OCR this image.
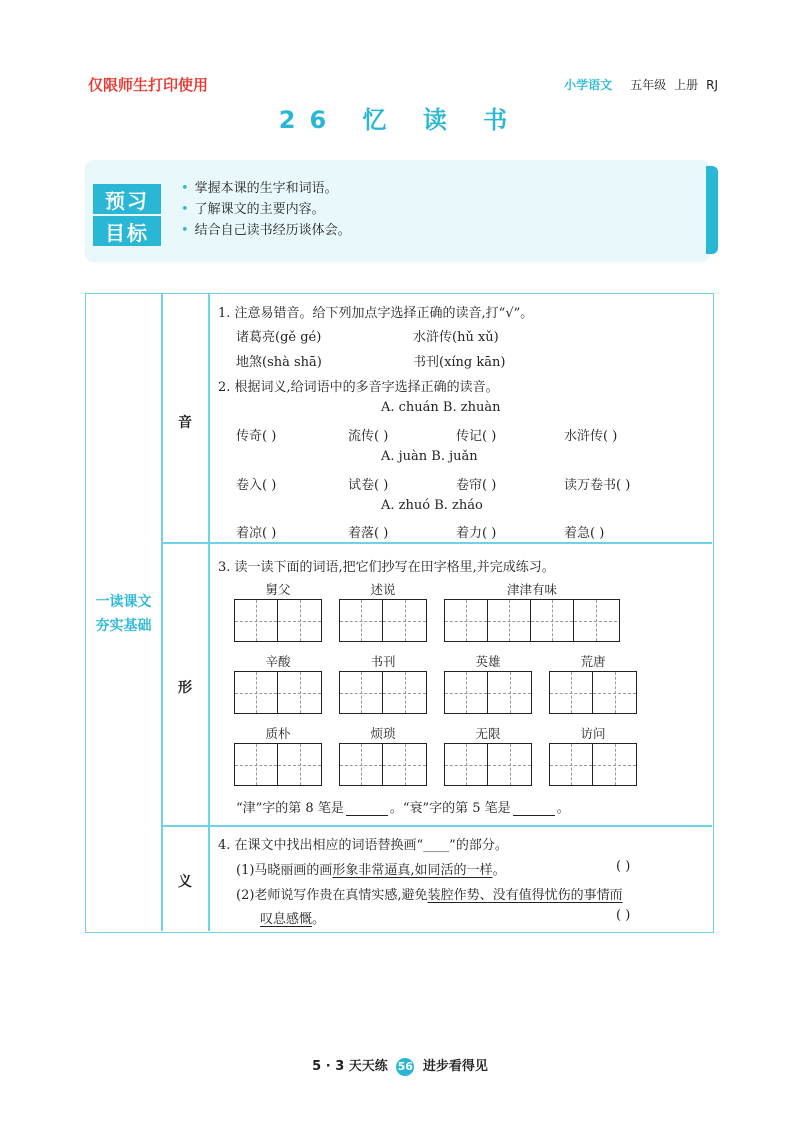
仅限师生打印使用	小学语文 五年级 上册 RJ
26 忆 读 书
预习
目标
• 掌握本课的生字和词语。
• 了解课文的主要内容。
• 结合自己读书经历谈体会。
一读课文
夯实基础
音
形
义
1. 注意易错音。给下列加点字选择正确的读音,打“√”。
诸葛亮(gě gé)	水浒传(hǔ xǔ)
地煞(shà shā)	书刊(xíng kān)
2. 根据词义,给词语中的多音字选择正确的读音。
A. chuán B. zhuàn
传奇( )	流传( )	传记( )	水浒传( )
A. juàn B. juǎn
卷入( )	试卷( )	卷帘( )	读万卷书( )
A. zhuó B. zháo
着凉( )	着落( )	着力( )	着急( )
3. 读一读下面的词语,把它们抄写在田字格里,并完成练习。
舅父	述说	津津有味
辛酸	书刊	英雄	荒唐
质朴	烦琐	无限	访问
“津”字的第 8 笔是	。“衰”字的第 5 笔是	。
4. 在课文中找出相应的词语替换画“____”的部分。
(1)马晓丽画的画形象非常逼真,如同活的一样。	( )
(2)老师说写作贵在真情实感,避免装腔作势、没有值得忧伤的事情而
叹息感慨。	( )
5 · 3 天天练 56 进步看得见
